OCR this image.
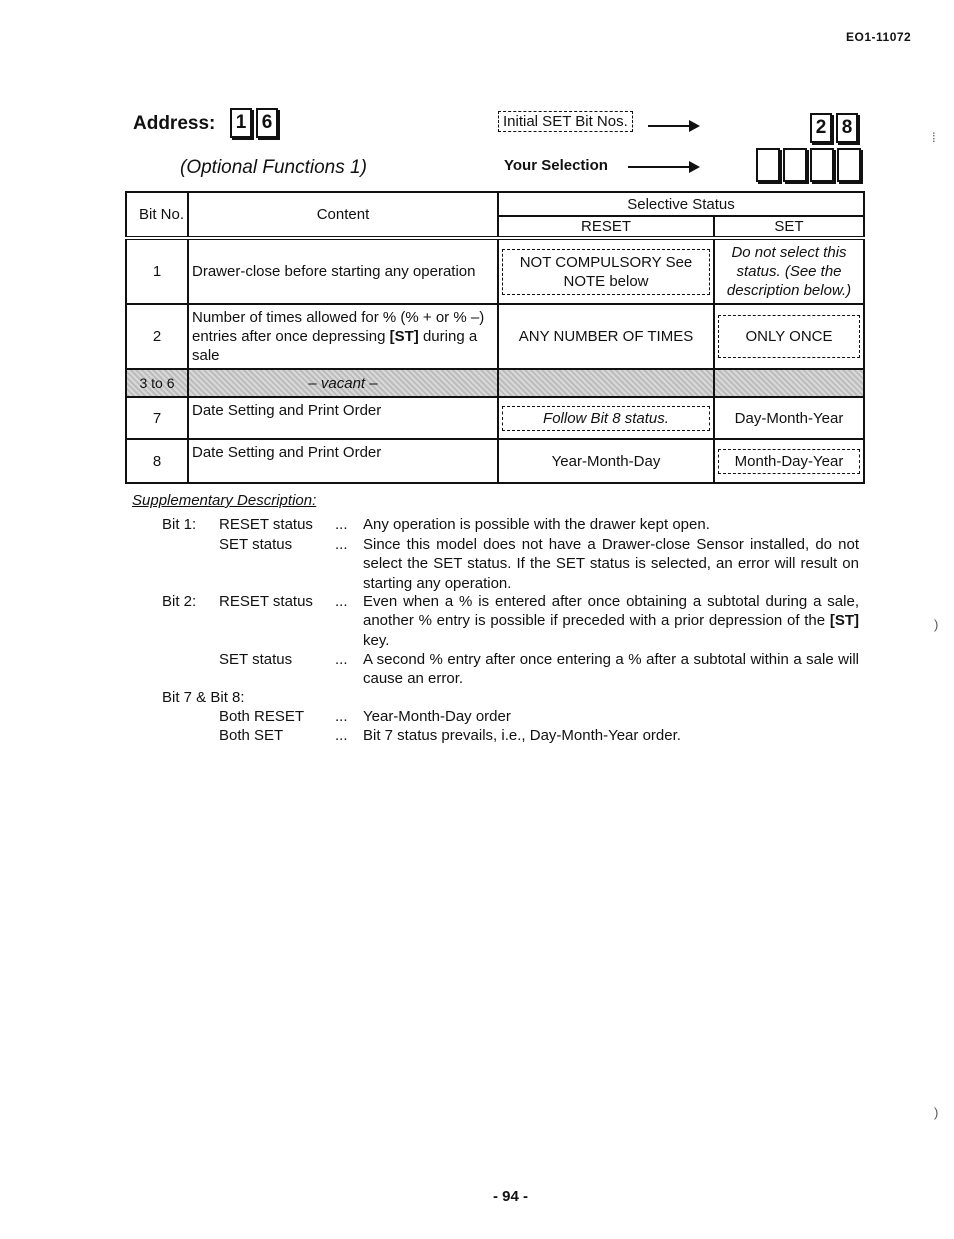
EO1-11072
Address:	1 6
(Optional Functions 1)
Initial SET Bit Nos.	2 8
Your Selection
Bit No.	Content	Selective Status	
		RESET	SET
1	Drawer-close before starting any operation	NOT COMPULSORY See NOTE below	Do not select this status. (See the description below.)
2	Number of times allowed for % (% + or % –) entries after once depressing [ST] during a sale	ANY NUMBER OF TIMES	ONLY ONCE

3 to 6	– vacant –		
7	Date Setting and Print Order	Follow Bit 8 status.	Day-Month-Year
8	Date Setting and Print Order	Year-Month-Day	Month-Day-Year
Supplementary Description:
Bit 1: RESET status ... Any operation is possible with the drawer kept open.
SET status	... Since this model does not have a Drawer-close Sensor installed, do not select the SET status. If the SET status is selected, an error will result on starting any operation.
Bit 2: RESET status ... Even when a % is entered after once obtaining a subtotal during a sale, another % entry is possible if preceded with a prior depression of the [ST] key.
SET status	... A second % entry after once entering a % after a subtotal within a sale will cause an error.
Bit 7 & Bit 8:
Both RESET ... Year-Month-Day order
Both SET	... Bit 7 status prevails, i.e., Day-Month-Year order.
- 94 -
⁞
)
)
